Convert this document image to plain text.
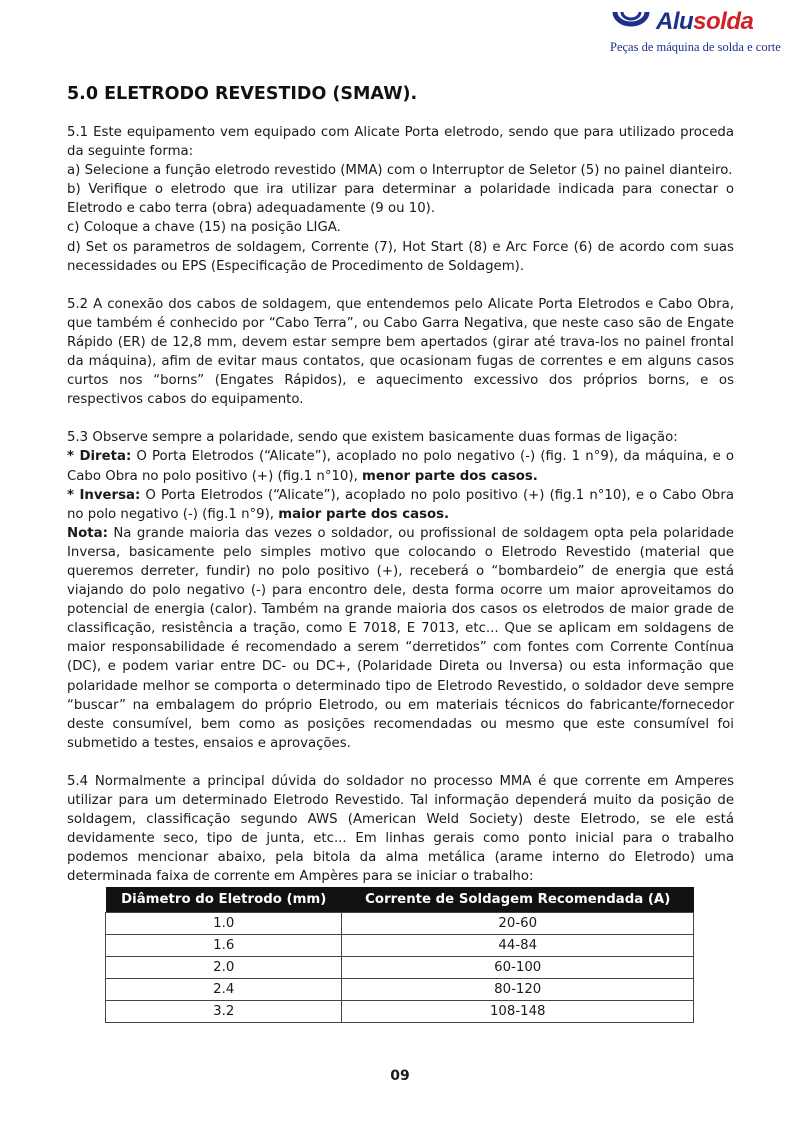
Alusolda
Peças de máquina de solda e corte
5.0 ELETRODO REVESTIDO (SMAW).

5.1 Este equipamento vem equipado com Alicate Porta eletrodo, sendo que para utilizado proceda da seguinte forma:
a) Selecione a função eletrodo revestido (MMA) com o Interruptor de Seletor (5) no painel dianteiro.
b) Verifique o eletrodo que ira utilizar para determinar a polaridade indicada para conectar o Eletrodo e cabo terra (obra) adequadamente (9 ou 10).
c) Coloque a chave (15) na posição LIGA.
d) Set os parametros de soldagem, Corrente (7), Hot Start (8) e Arc Force (6) de acordo com suas necessidades ou EPS (Especificação de Procedimento de Soldagem).

5.2 A conexão dos cabos de soldagem, que entendemos pelo Alicate Porta Eletrodos e Cabo Obra, que também é conhecido por “Cabo Terra”, ou Cabo Garra Negativa, que neste caso são de Engate Rápido (ER) de 12,8 mm, devem estar sempre bem apertados (girar até trava-los no painel frontal da máquina), afim de evitar maus contatos, que ocasionam fugas de correntes e em alguns casos curtos nos “borns” (Engates Rápidos), e aquecimento excessivo dos próprios borns, e os respectivos cabos do equipamento.

5.3 Observe sempre a polaridade, sendo que existem basicamente duas formas de ligação:
* Direta: O Porta Eletrodos (“Alicate”), acoplado no polo negativo (-) (fig. 1 n°9), da máquina, e o Cabo Obra no polo positivo (+) (fig.1 n°10), menor parte dos casos.
* Inversa: O Porta Eletrodos (“Alicate”), acoplado no polo positivo (+) (fig.1 n°10), e o Cabo Obra no polo negativo (-) (fig.1 n°9), maior parte dos casos.
Nota: Na grande maioria das vezes o soldador, ou profissional de soldagem opta pela polaridade Inversa, basicamente pelo simples motivo que colocando o Eletrodo Revestido (material que queremos derreter, fundir) no polo positivo (+), receberá o “bombardeio” de energia que está viajando do polo negativo (-) para encontro dele, desta forma ocorre um maior aproveitamos do potencial de energia (calor). Também na grande maioria dos casos os eletrodos de maior grade de classificação, resistência a tração, como E 7018, E 7013, etc... Que se aplicam em soldagens de maior responsabilidade é recomendado a serem “derretidos” com fontes com Corrente Contínua (DC), e podem variar entre DC- ou DC+, (Polaridade Direta ou Inversa) ou esta informação que polaridade melhor se comporta o determinado tipo de Eletrodo Revestido, o soldador deve sempre “buscar” na embalagem do próprio Eletrodo, ou em materiais técnicos do fabricante/fornecedor deste consumível, bem como as posições recomendadas ou mesmo que este consumível foi submetido a testes, ensaios e aprovações.

5.4 Normalmente a principal dúvida do soldador no processo MMA é que corrente em Amperes utilizar para um determinado Eletrodo Revestido. Tal informação dependerá muito da posição de soldagem, classificação segundo AWS (American Weld Society) deste Eletrodo, se ele está devidamente seco, tipo de junta, etc... Em linhas gerais como ponto inicial para o trabalho podemos mencionar abaixo, pela bitola da alma metálica (arame interno do Eletrodo) uma determinada faixa de corrente em Ampères para se iniciar o trabalho:

Diâmetro do Eletrodo (mm)	Corrente de Soldagem Recomendada (A)
1.0	20-60
1.6	44-84
2.0	60-100
2.4	80-120
3.2	108-148
09
